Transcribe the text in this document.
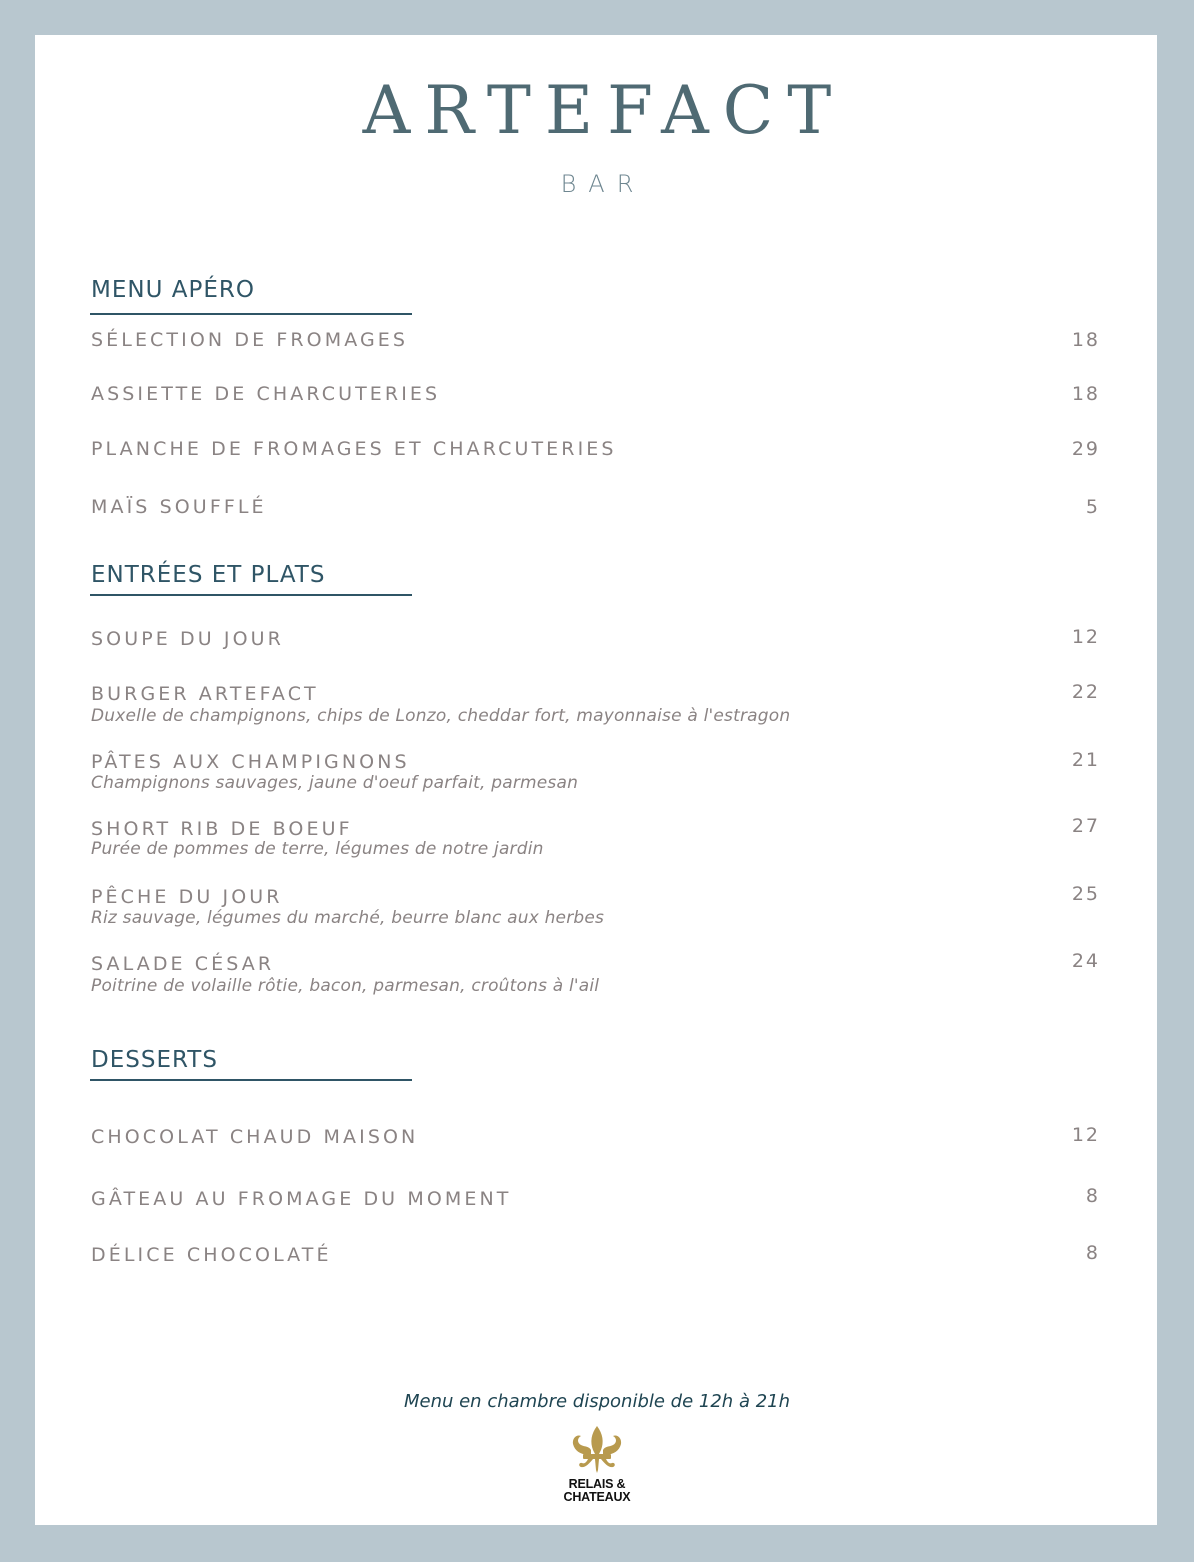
ARTEFACT
BAR
MENU APÉRO
SÉLECTION DE FROMAGES	18
ASSIETTE DE CHARCUTERIES	18
PLANCHE DE FROMAGES ET CHARCUTERIES	29
MAÏS SOUFFLÉ	5
ENTRÉES ET PLATS
SOUPE DU JOUR	12
BURGER ARTEFACT	22
Duxelle de champignons, chips de Lonzo, cheddar fort, mayonnaise à l'estragon
PÂTES AUX CHAMPIGNONS	21
Champignons sauvages, jaune d'oeuf parfait, parmesan
SHORT RIB DE BOEUF	27
Purée de pommes de terre, légumes de notre jardin
PÊCHE DU JOUR	25
Riz sauvage, légumes du marché, beurre blanc aux herbes
SALADE CÉSAR	24
Poitrine de volaille rôtie, bacon, parmesan, croûtons à l'ail
DESSERTS
CHOCOLAT CHAUD MAISON	12
GÂTEAU AU FROMAGE DU MOMENT	8
DÉLICE CHOCOLATÉ	8
Menu en chambre disponible de 12h à 21h
RELAIS &
CHATEAUX
